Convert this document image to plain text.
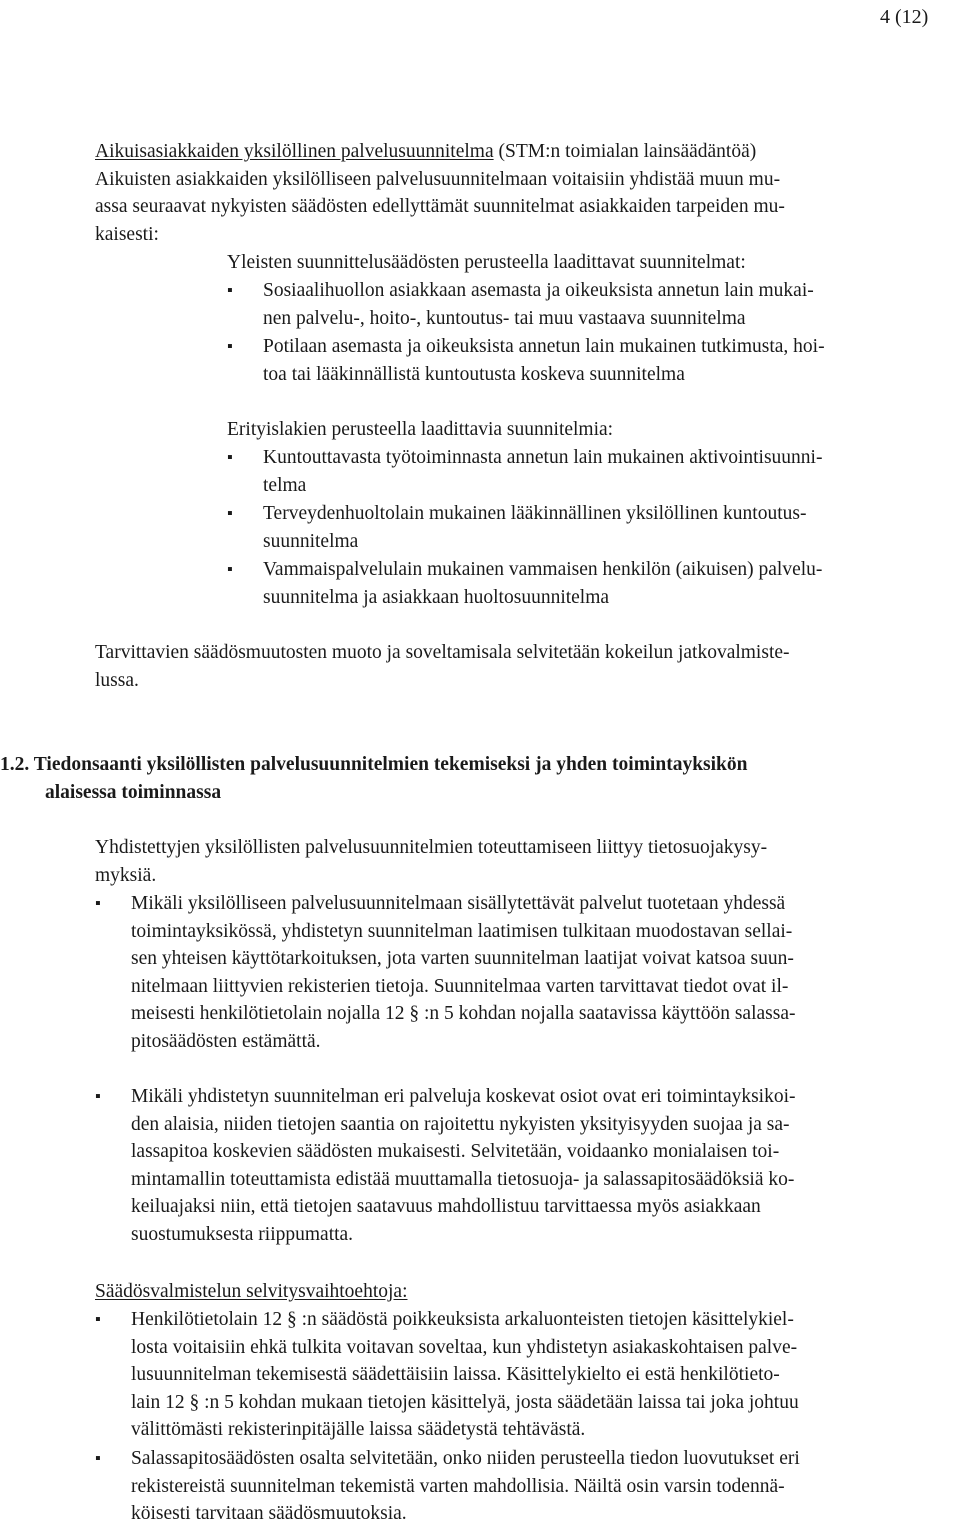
4 (12)
Aikuisasiakkaiden yksilöllinen palvelusuunnitelma (STM:n toimialan lainsäädäntöä)
Aikuisten asiakkaiden yksilölliseen palvelusuunnitelmaan voitaisiin yhdistää muun mu-
assa seuraavat nykyisten säädösten edellyttämät suunnitelmat asiakkaiden tarpeiden mu-
kaisesti:
Yleisten suunnittelusäädösten perusteella laadittavat suunnitelmat:
▪	Sosiaalihuollon asiakkaan asemasta ja oikeuksista annetun lain mukai-
nen palvelu-, hoito-, kuntoutus- tai muu vastaava suunnitelma
▪	Potilaan asemasta ja oikeuksista annetun lain mukainen tutkimusta, hoi-
toa tai lääkinnällistä kuntoutusta koskeva suunnitelma
Erityislakien perusteella laadittavia suunnitelmia:
▪	Kuntouttavasta työtoiminnasta annetun lain mukainen aktivointisuunni-
telma
▪	Terveydenhuoltolain mukainen lääkinnällinen yksilöllinen kuntoutus-
suunnitelma
▪	Vammaispalvelulain mukainen vammaisen henkilön (aikuisen) palvelu-
suunnitelma ja asiakkaan huoltosuunnitelma
Tarvittavien säädösmuutosten muoto ja soveltamisala selvitetään kokeilun jatkovalmiste-
lussa.
1.2. Tiedonsaanti yksilöllisten palvelusuunnitelmien tekemiseksi ja yhden toimintayksikön
alaisessa toiminnassa
Yhdistettyjen yksilöllisten palvelusuunnitelmien toteuttamiseen liittyy tietosuojakysy-
myksiä.
▪	Mikäli yksilölliseen palvelusuunnitelmaan sisällytettävät palvelut tuotetaan yhdessä
toimintayksikössä, yhdistetyn suunnitelman laatimisen tulkitaan muodostavan sellai-
sen yhteisen käyttötarkoituksen, jota varten suunnitelman laatijat voivat katsoa suun-
nitelmaan liittyvien rekisterien tietoja. Suunnitelmaa varten tarvittavat tiedot ovat il-
meisesti henkilötietolain nojalla 12 § :n 5 kohdan nojalla saatavissa käyttöön salassa-
pitosäädösten estämättä.
▪	Mikäli yhdistetyn suunnitelman eri palveluja koskevat osiot ovat eri toimintayksikoi-
den alaisia, niiden tietojen saantia on rajoitettu nykyisten yksityisyyden suojaa ja sa-
lassapitoa koskevien säädösten mukaisesti. Selvitetään, voidaanko monialaisen toi-
mintamallin toteuttamista edistää muuttamalla tietosuoja- ja salassapitosäädöksiä ko-
keiluajaksi niin, että tietojen saatavuus mahdollistuu tarvittaessa myös asiakkaan
suostumuksesta riippumatta.
Säädösvalmistelun selvitysvaihtoehtoja:
▪	Henkilötietolain 12 § :n säädöstä poikkeuksista arkaluonteisten tietojen käsittelykiel-
losta voitaisiin ehkä tulkita voitavan soveltaa, kun yhdistetyn asiakaskohtaisen palve-
lusuunnitelman tekemisestä säädettäisiin laissa. Käsittelykielto ei estä henkilötieto-
lain 12 § :n 5 kohdan mukaan tietojen käsittelyä, josta säädetään laissa tai joka johtuu
välittömästi rekisterinpitäjälle laissa säädetystä tehtävästä.
▪	Salassapitosäädösten osalta selvitetään, onko niiden perusteella tiedon luovutukset eri
rekistereistä suunnitelman tekemistä varten mahdollisia. Näiltä osin varsin todennä-
köisesti tarvitaan säädösmuutoksia.
